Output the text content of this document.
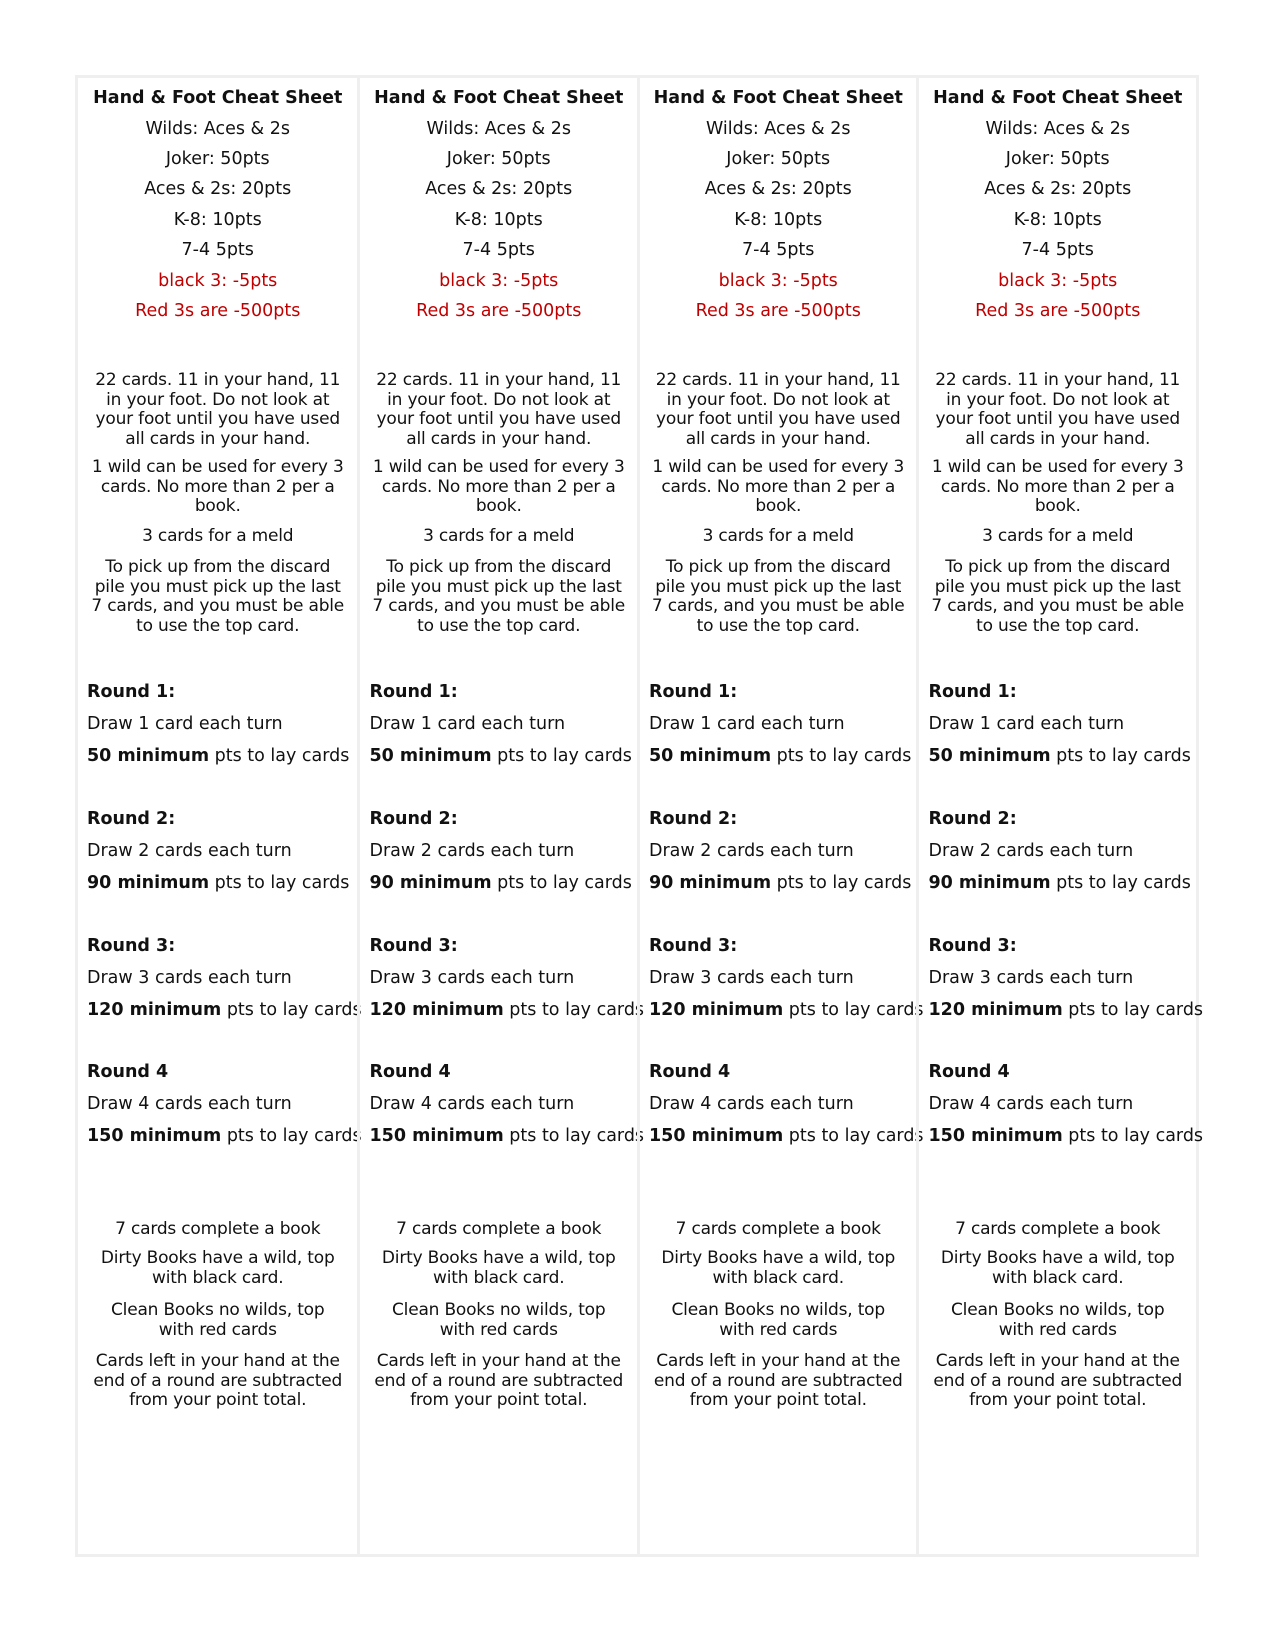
Hand & Foot Cheat Sheet
Wilds: Aces & 2s
Joker: 50pts
Aces & 2s: 20pts
K-8: 10pts
7-4 5pts
black 3: -5pts
Red 3s are -500pts
22 cards. 11 in your hand, 11
in your foot. Do not look at
your foot until you have used
all cards in your hand.
1 wild can be used for every 3
cards. No more than 2 per a
book.
3 cards for a meld
To pick up from the discard
pile you must pick up the last
7 cards, and you must be able
to use the top card.
Round 1:
Draw 1 card each turn
50 minimum pts to lay cards
Round 2:
Draw 2 cards each turn
90 minimum pts to lay cards
Round 3:
Draw 3 cards each turn
120 minimum pts to lay cards
Round 4
Draw 4 cards each turn
150 minimum pts to lay cards
7 cards complete a book
Dirty Books have a wild, top
with black card.
Clean Books no wilds, top
with red cards
Cards left in your hand at the
end of a round are subtracted
from your point total.
Hand & Foot Cheat Sheet
Wilds: Aces & 2s
Joker: 50pts
Aces & 2s: 20pts
K-8: 10pts
7-4 5pts
black 3: -5pts
Red 3s are -500pts
22 cards. 11 in your hand, 11
in your foot. Do not look at
your foot until you have used
all cards in your hand.
1 wild can be used for every 3
cards. No more than 2 per a
book.
3 cards for a meld
To pick up from the discard
pile you must pick up the last
7 cards, and you must be able
to use the top card.
Round 1:
Draw 1 card each turn
50 minimum pts to lay cards
Round 2:
Draw 2 cards each turn
90 minimum pts to lay cards
Round 3:
Draw 3 cards each turn
120 minimum pts to lay cards
Round 4
Draw 4 cards each turn
150 minimum pts to lay cards
7 cards complete a book
Dirty Books have a wild, top
with black card.
Clean Books no wilds, top
with red cards
Cards left in your hand at the
end of a round are subtracted
from your point total.
Hand & Foot Cheat Sheet
Wilds: Aces & 2s
Joker: 50pts
Aces & 2s: 20pts
K-8: 10pts
7-4 5pts
black 3: -5pts
Red 3s are -500pts
22 cards. 11 in your hand, 11
in your foot. Do not look at
your foot until you have used
all cards in your hand.
1 wild can be used for every 3
cards. No more than 2 per a
book.
3 cards for a meld
To pick up from the discard
pile you must pick up the last
7 cards, and you must be able
to use the top card.
Round 1:
Draw 1 card each turn
50 minimum pts to lay cards
Round 2:
Draw 2 cards each turn
90 minimum pts to lay cards
Round 3:
Draw 3 cards each turn
120 minimum pts to lay cards
Round 4
Draw 4 cards each turn
150 minimum pts to lay cards
7 cards complete a book
Dirty Books have a wild, top
with black card.
Clean Books no wilds, top
with red cards
Cards left in your hand at the
end of a round are subtracted
from your point total.
Hand & Foot Cheat Sheet
Wilds: Aces & 2s
Joker: 50pts
Aces & 2s: 20pts
K-8: 10pts
7-4 5pts
black 3: -5pts
Red 3s are -500pts
22 cards. 11 in your hand, 11
in your foot. Do not look at
your foot until you have used
all cards in your hand.
1 wild can be used for every 3
cards. No more than 2 per a
book.
3 cards for a meld
To pick up from the discard
pile you must pick up the last
7 cards, and you must be able
to use the top card.
Round 1:
Draw 1 card each turn
50 minimum pts to lay cards
Round 2:
Draw 2 cards each turn
90 minimum pts to lay cards
Round 3:
Draw 3 cards each turn
120 minimum pts to lay cards
Round 4
Draw 4 cards each turn
150 minimum pts to lay cards
7 cards complete a book
Dirty Books have a wild, top
with black card.
Clean Books no wilds, top
with red cards
Cards left in your hand at the
end of a round are subtracted
from your point total.
